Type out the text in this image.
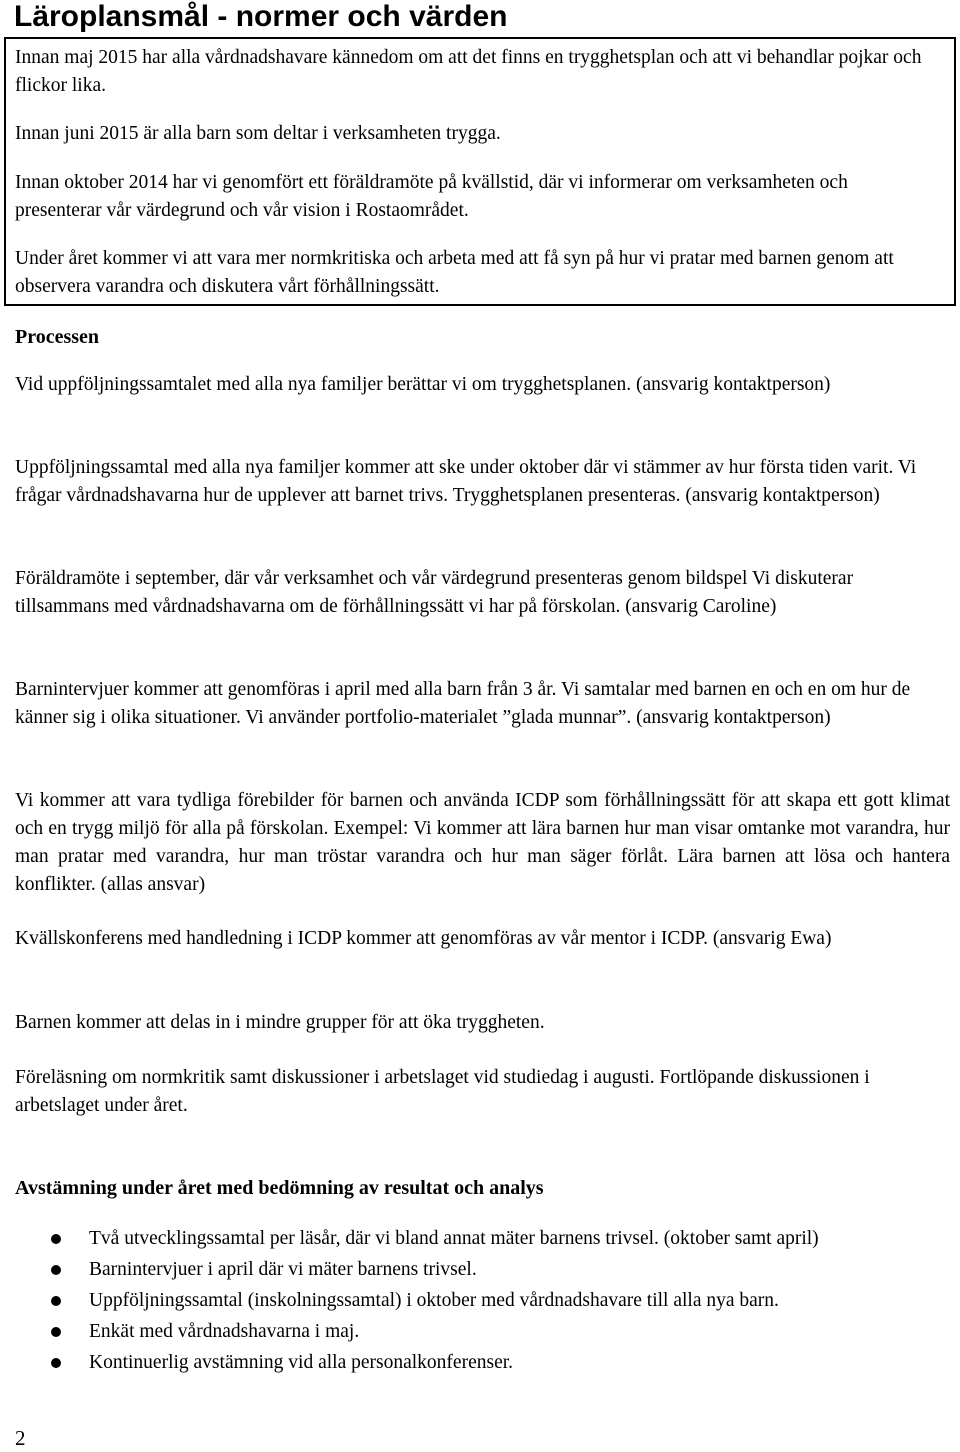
Läroplansmål - normer och värden

Innan maj 2015 har alla vårdnadshavare kännedom om att det finns en trygghetsplan och att vi behandlar pojkar och flickor lika.

Innan juni 2015 är alla barn som deltar i verksamheten trygga.

Innan oktober 2014 har vi genomfört ett föräldramöte på kvällstid, där vi informerar om verksamheten och presenterar vår värdegrund och vår vision i Rostaområdet.

Under året kommer vi att vara mer normkritiska och arbeta med att få syn på hur vi pratar med barnen genom att observera varandra och diskutera vårt förhållningssätt.

Processen

Vid uppföljningssamtalet med alla nya familjer berättar vi om trygghetsplanen. (ansvarig kontaktperson)

Uppföljningssamtal med alla nya familjer kommer att ske under oktober där vi stämmer av hur första tiden varit. Vi frågar vårdnadshavarna hur de upplever att barnet trivs. Trygghetsplanen presenteras. (ansvarig kontaktperson)

Föräldramöte i september, där vår verksamhet och vår värdegrund presenteras genom bildspel Vi diskuterar tillsammans med vårdnadshavarna om de förhållningssätt vi har på förskolan. (ansvarig Caroline)

Barnintervjuer kommer att genomföras i april med alla barn från 3 år. Vi samtalar med barnen en och en om hur de känner sig i olika situationer. Vi använder portfolio-materialet ”glada munnar”. (ansvarig kontaktperson)

Vi kommer att vara tydliga förebilder för barnen och använda ICDP som förhållningssätt för att skapa ett gott klimat och en trygg miljö för alla på förskolan. Exempel: Vi kommer att lära barnen hur man visar omtanke mot varandra, hur man pratar med varandra, hur man tröstar varandra och hur man säger förlåt. Lära barnen att lösa och hantera konflikter. (allas ansvar)

Kvällskonferens med handledning i ICDP kommer att genomföras av vår mentor i ICDP. (ansvarig Ewa)

Barnen kommer att delas in i mindre grupper för att öka tryggheten.

Föreläsning om normkritik samt diskussioner i arbetslaget vid studiedag i augusti. Fortlöpande diskussionen i arbetslaget under året.

Avstämning under året med bedömning av resultat och analys
Två utvecklingssamtal per läsår, där vi bland annat mäter barnens trivsel. (oktober samt april)
Barnintervjuer i april där vi mäter barnens trivsel.
Uppföljningssamtal (inskolningssamtal) i oktober med vårdnadshavare till alla nya barn.
Enkät med vårdnadshavarna i maj.
Kontinuerlig avstämning vid alla personalkonferenser.
2
